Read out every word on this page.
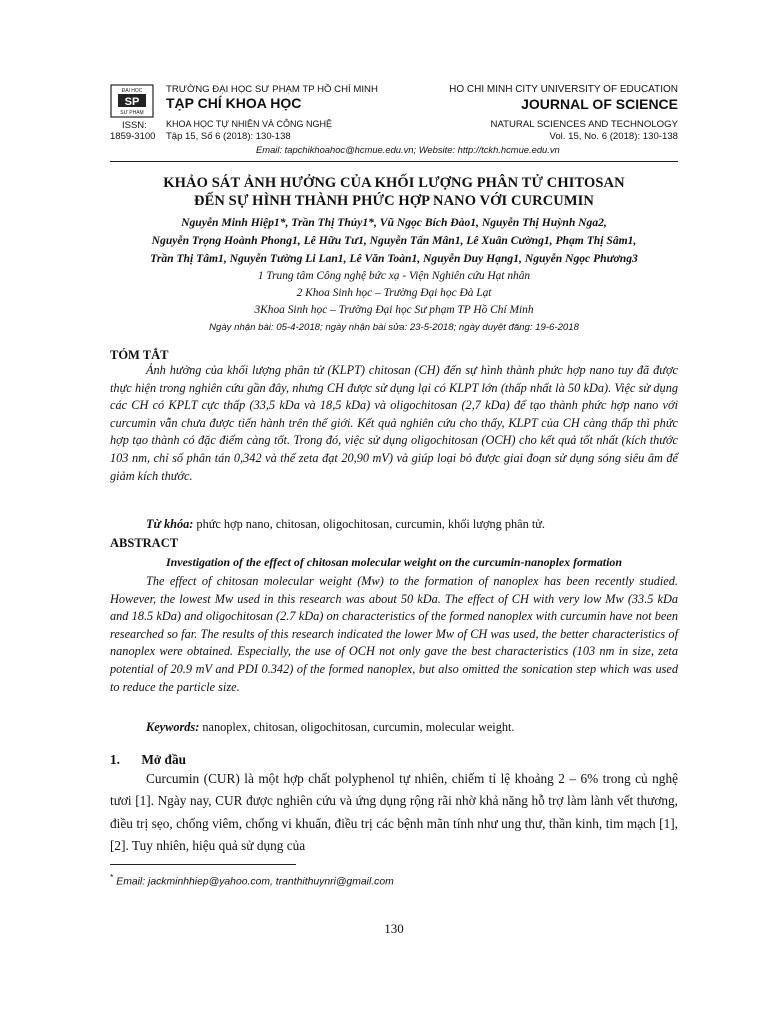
ĐẠI HỌC
SP
SƯ PHẠM
TRƯỜNG ĐẠI HỌC SƯ PHẠM TP HỒ CHÍ MINH
TẠP CHÍ KHOA HỌC
KHOA HỌC TỰ NHIÊN VÀ CÔNG NGHỆ
Tập 15, Số 6 (2018): 130-138
ISSN:
1859-3100
HO CHI MINH CITY UNIVERSITY OF EDUCATION
JOURNAL OF SCIENCE
NATURAL SCIENCES AND TECHNOLOGY
Vol. 15, No. 6 (2018): 130-138
Email: tapchikhoahoc@hcmue.edu.vn; Website: http://tckh.hcmue.edu.vn
KHẢO SÁT ẢNH HƯỞNG CỦA KHỐI LƯỢNG PHÂN TỬ CHITOSAN
ĐẾN SỰ HÌNH THÀNH PHỨC HỢP NANO VỚI CURCUMIN
Nguyễn Minh Hiệp1*, Trần Thị Thủy1*, Vũ Ngọc Bích Đào1, Nguyễn Thị Huỳnh Nga2,
Nguyễn Trọng Hoành Phong1, Lê Hữu Tư1, Nguyễn Tấn Mân1, Lê Xuân Cường1, Phạm Thị Sâm1,
Trần Thị Tâm1, Nguyễn Tường Li Lan1, Lê Văn Toàn1, Nguyễn Duy Hạng1, Nguyễn Ngọc Phương3
1 Trung tâm Công nghệ bức xạ - Viện Nghiên cứu Hạt nhân
2 Khoa Sinh học – Trường Đại học Đà Lạt
3Khoa Sinh học – Trường Đại học Sư phạm TP Hồ Chí Minh
Ngày nhận bài: 05-4-2018; ngày nhận bài sửa: 23-5-2018; ngày duyệt đăng: 19-6-2018
TÓM TẮT
Ảnh hưởng của khối lượng phân tử (KLPT) chitosan (CH) đến sự hình thành phức hợp nano tuy đã được thực hiện trong nghiên cứu gần đây, nhưng CH được sử dụng lại có KLPT lớn (thấp nhất là 50 kDa). Việc sử dụng các CH có KPLT cực thấp (33,5 kDa và 18,5 kDa) và oligochitosan (2,7 kDa) để tạo thành phức hợp nano với curcumin vẫn chưa được tiến hành trên thế giới. Kết quả nghiên cứu cho thấy, KLPT của CH càng thấp thì phức hợp tạo thành có đặc điểm càng tốt. Trong đó, việc sử dụng oligochitosan (OCH) cho kết quả tốt nhất (kích thước 103 nm, chỉ số phân tán 0,342 và thế zeta đạt 20,90 mV) và giúp loại bỏ được giai đoạn sử dụng sóng siêu âm để giảm kích thước.
Từ khóa: phức hợp nano, chitosan, oligochitosan, curcumin, khối lượng phân tử.
ABSTRACT
Investigation of the effect of chitosan molecular weight on the curcumin-nanoplex formation
The effect of chitosan molecular weight (Mw) to the formation of nanoplex has been recently studied. However, the lowest Mw used in this research was about 50 kDa. The effect of CH with very low Mw (33.5 kDa and 18.5 kDa) and oligochitosan (2.7 kDa) on characteristics of the formed nanoplex with curcumin have not been researched so far. The results of this research indicated the lower Mw of CH was used, the better characteristics of nanoplex were obtained. Especially, the use of OCH not only gave the best characteristics (103 nm in size, zeta potential of 20.9 mV and PDI 0.342) of the formed nanoplex, but also omitted the sonication step which was used to reduce the particle size.
Keywords: nanoplex, chitosan, oligochitosan, curcumin, molecular weight.
1. Mở đầu
Curcumin (CUR) là một hợp chất polyphenol tự nhiên, chiếm tỉ lệ khoảng 2 – 6% trong củ nghệ tươi [1]. Ngày nay, CUR được nghiên cứu và ứng dụng rộng rãi nhờ khả năng hỗ trợ làm lành vết thương, điều trị sẹo, chống viêm, chống vi khuẩn, điều trị các bệnh mãn tính như ung thư, thần kinh, tim mạch [1], [2]. Tuy nhiên, hiệu quả sử dụng của
* Email: jackminhhiep@yahoo.com, tranthithuynri@gmail.com
130
